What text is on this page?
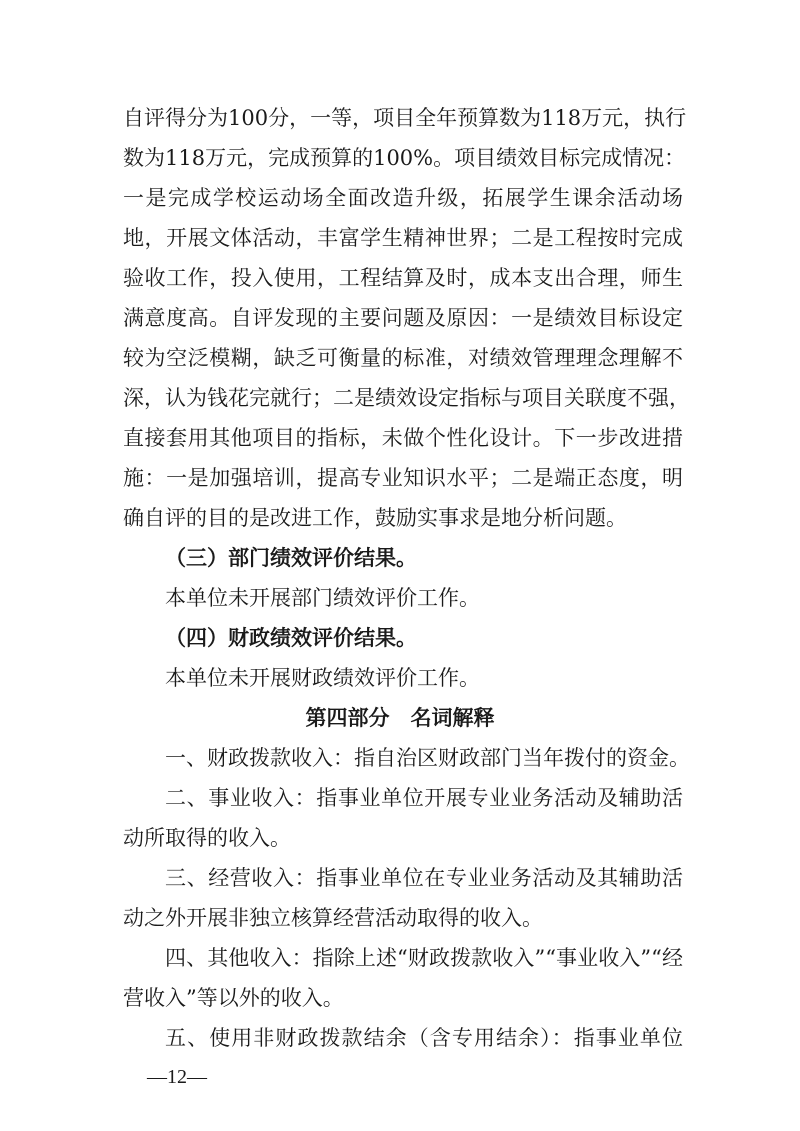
自评得分为100分，一等，项目全年预算数为118万元，执行
数为118万元，完成预算的100%。项目绩效目标完成情况：
一是完成学校运动场全面改造升级，拓展学生课余活动场
地，开展文体活动，丰富学生精神世界；二是工程按时完成
验收工作，投入使用，工程结算及时，成本支出合理，师生
满意度高。自评发现的主要问题及原因：一是绩效目标设定
较为空泛模糊，缺乏可衡量的标准，对绩效管理理念理解不
深，认为钱花完就行；二是绩效设定指标与项目关联度不强，
直接套用其他项目的指标，未做个性化设计。下一步改进措
施：一是加强培训，提高专业知识水平；二是端正态度，明
确自评的目的是改进工作，鼓励实事求是地分析问题。
（三）部门绩效评价结果。
本单位未开展部门绩效评价工作。
（四）财政绩效评价结果。
本单位未开展财政绩效评价工作。
第四部分　名词解释
一、财政拨款收入：指自治区财政部门当年拨付的资金。
二、事业收入：指事业单位开展专业业务活动及辅助活
动所取得的收入。
三、经营收入：指事业单位在专业业务活动及其辅助活
动之外开展非独立核算经营活动取得的收入。
四、其他收入：指除上述“财政拨款收入”“事业收入”“经
营收入”等以外的收入。
五、使用非财政拨款结余（含专用结余）：指事业单位
—12—
